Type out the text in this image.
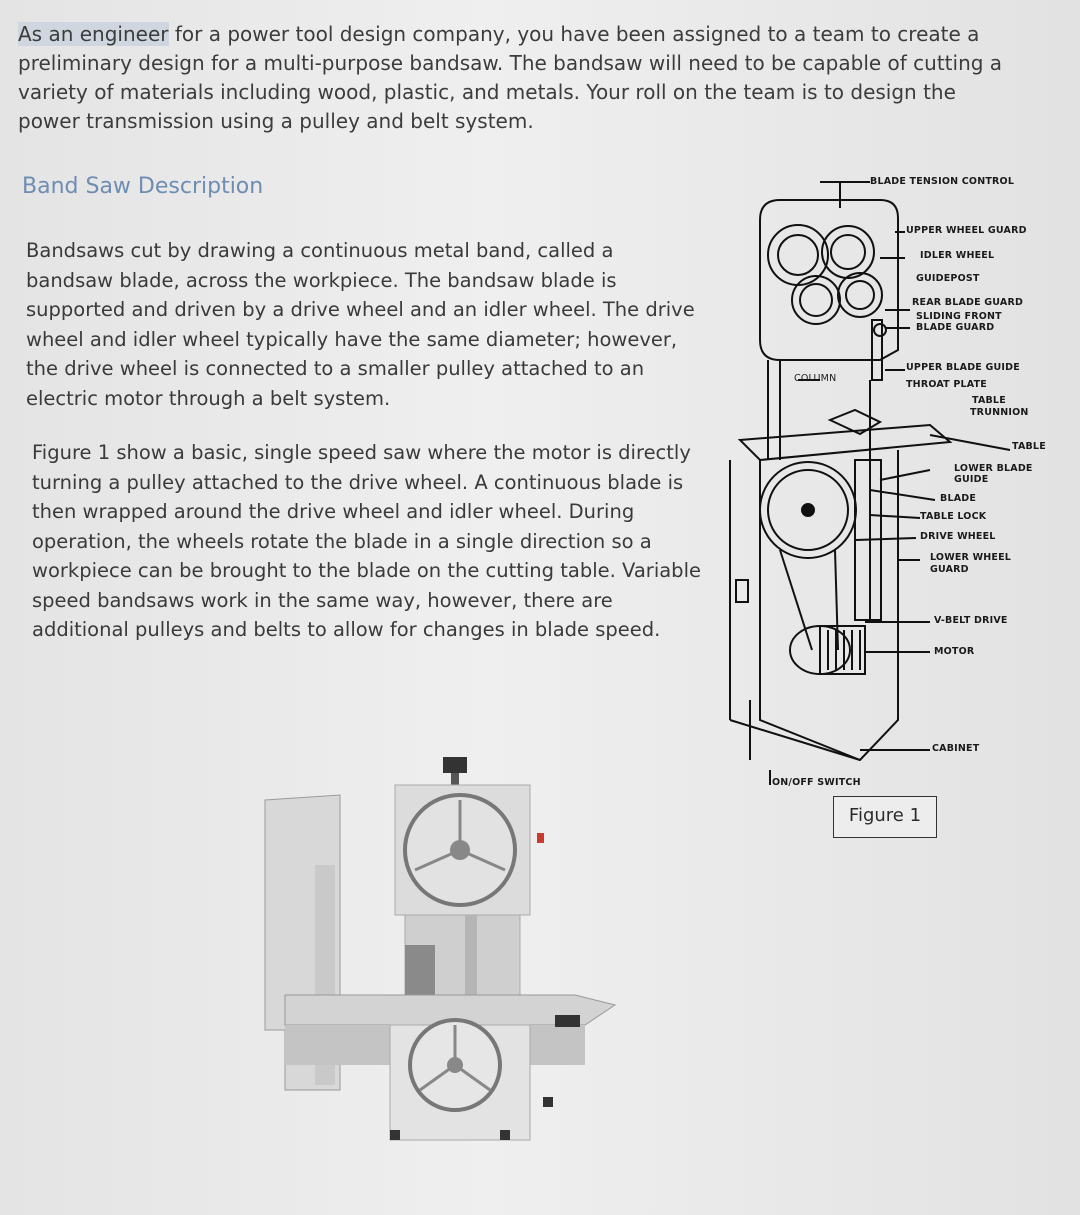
As an engineer for a power tool design company, you have been assigned to a team to create a preliminary design for a multi-purpose bandsaw. The bandsaw will need to be capable of cutting a variety of materials including wood, plastic, and metals. Your roll on the team is to design the power transmission using a pulley and belt system.
Band Saw Description
Bandsaws cut by drawing a continuous metal band, called a bandsaw blade, across the workpiece. The bandsaw blade is supported and driven by a drive wheel and an idler wheel. The drive wheel and idler wheel typically have the same diameter; however, the drive wheel is connected to a smaller pulley attached to an electric motor through a belt system.
Figure 1 show a basic, single speed saw where the motor is directly turning a pulley attached to the drive wheel. A continuous blade is then wrapped around the drive wheel and idler wheel. During operation, the wheels rotate the blade in a single direction so a workpiece can be brought to the blade on the cutting table. Variable speed bandsaws work in the same way, however, there are additional pulleys and belts to allow for changes in blade speed.
BLADE TENSION CONTROL
UPPER WHEEL GUARD
IDLER WHEEL
GUIDEPOST
REAR BLADE GUARD
SLIDING FRONT
BLADE GUARD
COLUMN
UPPER BLADE GUIDE
THROAT PLATE
TABLE
TRUNNION
TABLE
LOWER BLADE
GUIDE
BLADE
TABLE LOCK
DRIVE WHEEL
LOWER WHEEL
GUARD
V-BELT DRIVE
MOTOR
CABINET
ON/OFF SWITCH
Figure 1
